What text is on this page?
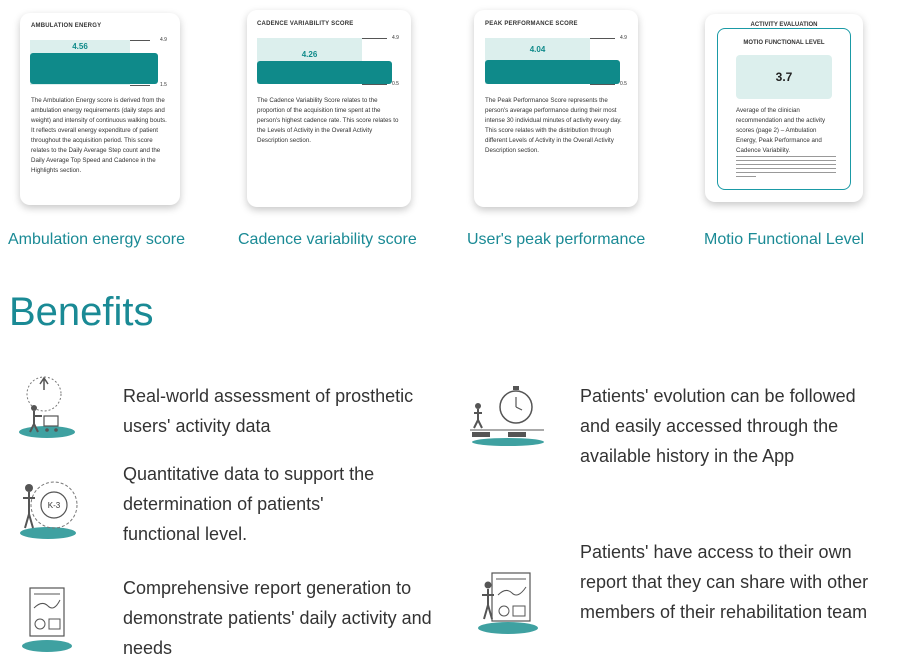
AMBULATION ENERGY
4.56
4.9
1.5
The Ambulation Energy score is derived from the ambulation energy requirements (daily steps and weight) and intensity of continuous walking bouts. It reflects overall energy expenditure of patient throughout the acquisition period. This score relates to the Daily Average Step count and the Daily Average Top Speed and Cadence in the Highlights section.
Ambulation energy score
CADENCE VARIABILITY SCORE
4.26
4.9
0.5
The Cadence Variability Score relates to the proportion of the acquisition time spent at the person's highest cadence rate. This score relates to the Levels of Activity in the Overall Activity Description section.
Cadence variability score
PEAK PERFORMANCE SCORE
4.04
4.9
0.5
The Peak Performance Score represents the person's average performance during their most intense 30 individual minutes of activity every day. This score relates with the distribution through different Levels of Activity in the Overall Activity Description section.
User's peak performance
ACTIVITY EVALUATION
MOTIO FUNCTIONAL LEVEL
3.7
Average of the clinician recommendation and the activity scores (page 2) – Ambulation Energy, Peak Performance and Cadence Variability.
Motio Functional Level
Benefits
K-3
Real-world assessment of prosthetic users' activity data
Quantitative data to support the determination of patients' functional level.
Comprehensive report generation to demonstrate patients' daily activity and needs
Patients' evolution can be followed and easily accessed through the available history in the App
Patients' have access to their own report that they can share with other members of their rehabilitation team
